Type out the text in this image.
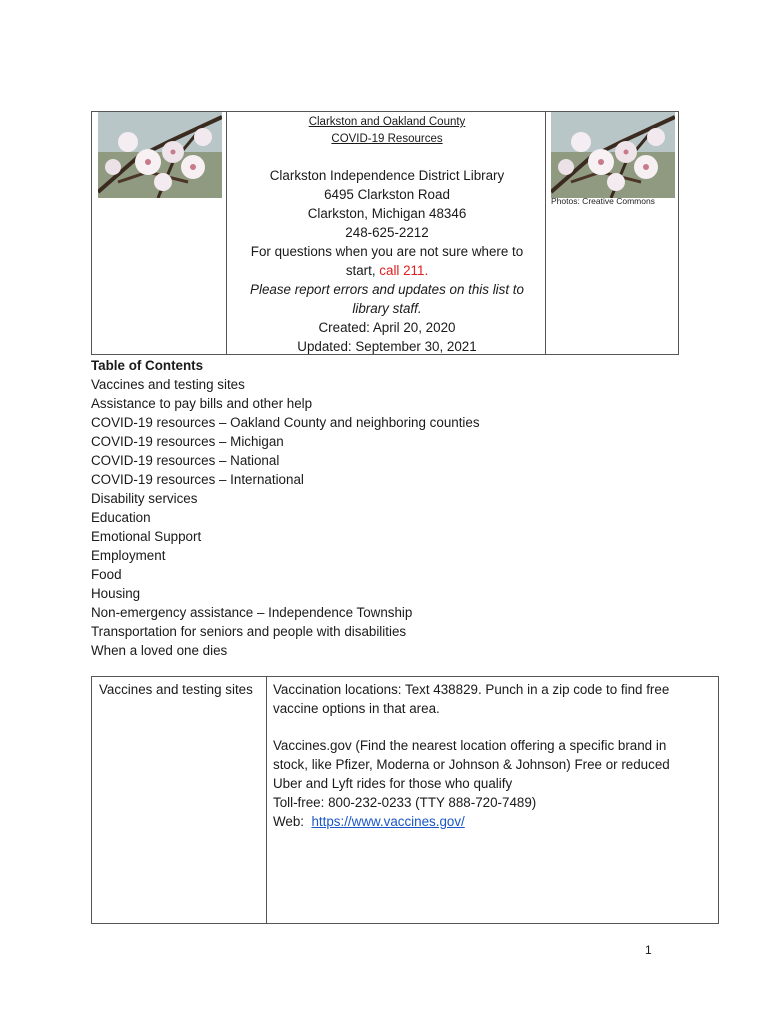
Clarkston and Oakland County
COVID-19 Resources
Clarkston Independence District Library
6495 Clarkston Road
Clarkston, Michigan 48346
248-625-2212
For questions when you are not sure where to
start, call 211.
Please report errors and updates on this list to
library staff.
Created: April 20, 2020
Updated: September 30, 2021
Photos: Creative Commons
Table of Contents
Vaccines and testing sites
Assistance to pay bills and other help
COVID-19 resources – Oakland County and neighboring counties
COVID-19 resources – Michigan
COVID-19 resources – National
COVID-19 resources – International
Disability services
Education
Emotional Support
Employment
Food
Housing
Non-emergency assistance – Independence Township
Transportation for seniors and people with disabilities
When a loved one dies
Vaccines and testing sites Vaccination locations: Text 438829. Punch in a zip code to find free
vaccine options in that area.
Vaccines.gov (Find the nearest location offering a specific brand in
stock, like Pfizer, Moderna or Johnson & Johnson) Free or reduced
Uber and Lyft rides for those who qualify
Toll-free: 800-232-0233 (TTY 888-720-7489)
Web:  https://www.vaccines.gov/
1
